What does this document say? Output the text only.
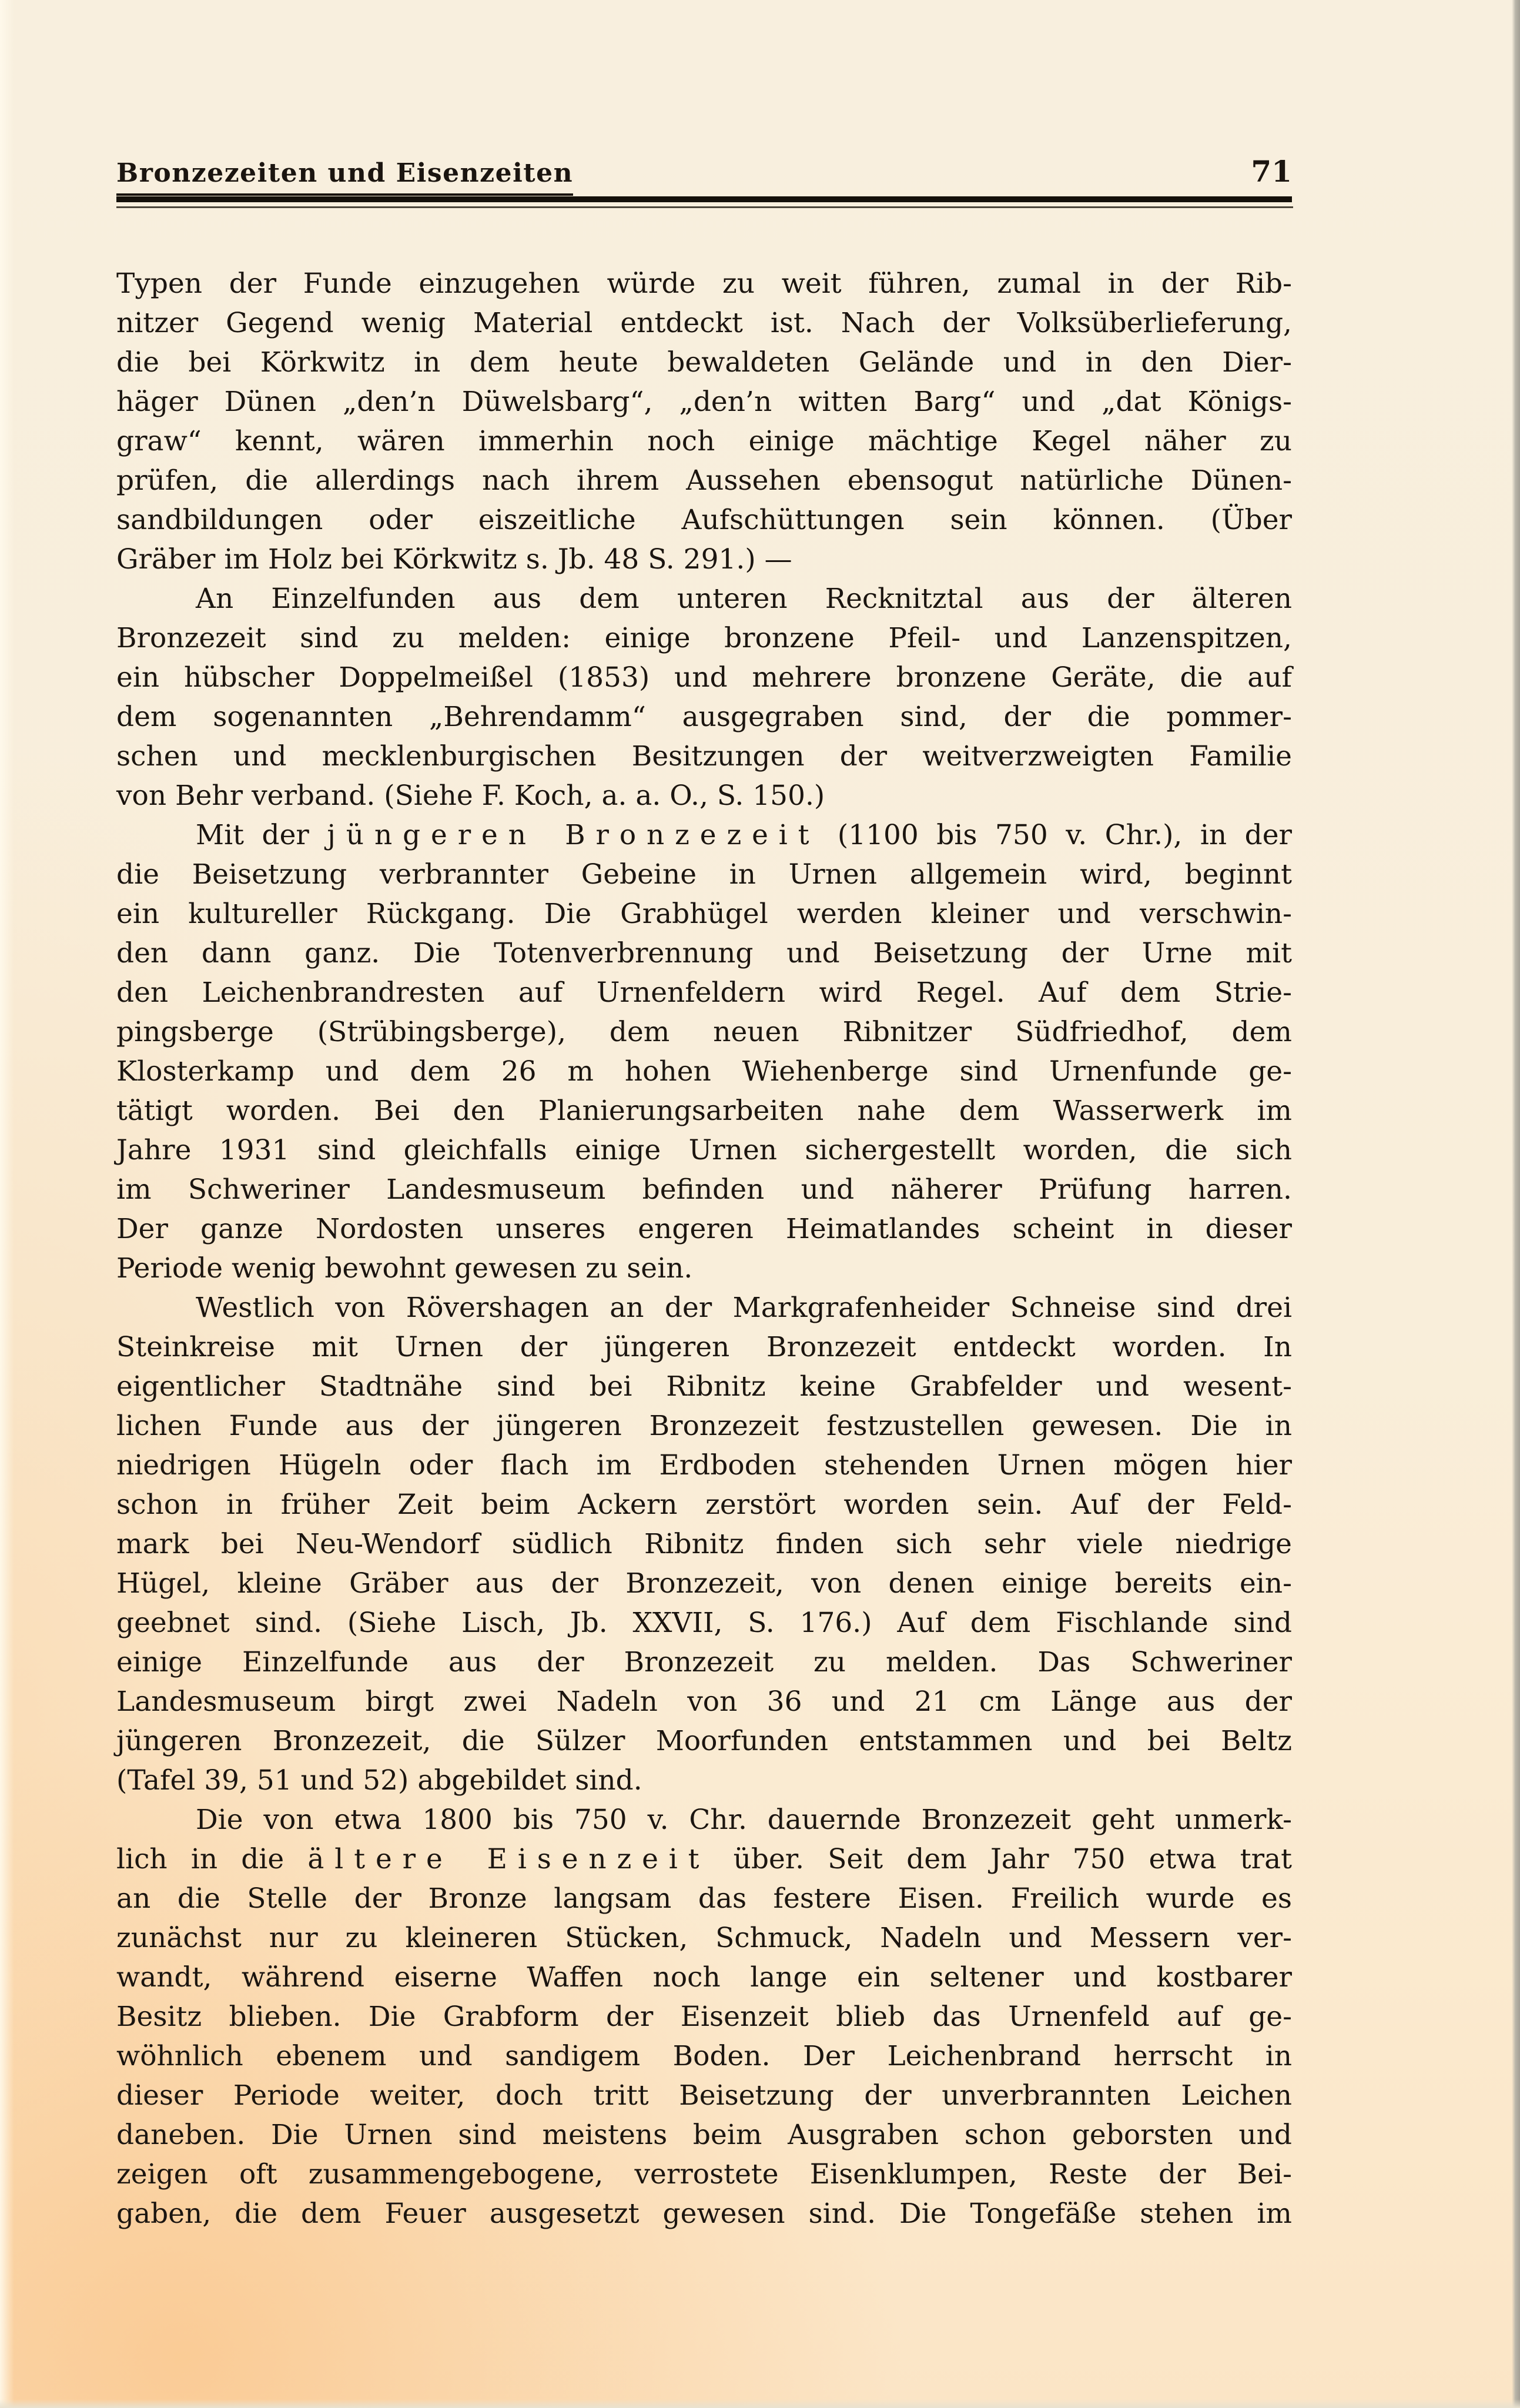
Bronzezeiten und Eisenzeiten	71
Typen der Funde einzugehen würde zu weit führen, zumal in der Rib-
nitzer Gegend wenig Material entdeckt ist. Nach der Volksüberlieferung,
die bei Körkwitz in dem heute bewaldeten Gelände und in den Dier-
häger Dünen „den’n Düwelsbarg“, „den’n witten Barg“ und „dat Königs-
graw“ kennt, wären immerhin noch einige mächtige Kegel näher zu
prüfen, die allerdings nach ihrem Aussehen ebensogut natürliche Dünen-
sandbildungen oder eiszeitliche Aufschüttungen sein können. (Über
Gräber im Holz bei Körkwitz s. Jb. 48 S. 291.) —
An Einzelfunden aus dem unteren Recknitztal aus der älteren
Bronzezeit sind zu melden: einige bronzene Pfeil- und Lanzenspitzen,
ein hübscher Doppelmeißel (1853) und mehrere bronzene Geräte, die auf
dem sogenannten „Behrendamm“ ausgegraben sind, der die pommer-
schen und mecklenburgischen Besitzungen der weitverzweigten Familie
von Behr verband. (Siehe F. Koch, a. a. O., S. 150.)
Mit der jüngeren Bronzezeit (1100 bis 750 v. Chr.), in der
die Beisetzung verbrannter Gebeine in Urnen allgemein wird, beginnt
ein kultureller Rückgang. Die Grabhügel werden kleiner und verschwin-
den dann ganz. Die Totenverbrennung und Beisetzung der Urne mit
den Leichenbrandresten auf Urnenfeldern wird Regel. Auf dem Strie-
pingsberge (Strübingsberge), dem neuen Ribnitzer Südfriedhof, dem
Klosterkamp und dem 26 m hohen Wiehenberge sind Urnenfunde ge-
tätigt worden. Bei den Planierungsarbeiten nahe dem Wasserwerk im
Jahre 1931 sind gleichfalls einige Urnen sichergestellt worden, die sich
im Schweriner Landesmuseum befinden und näherer Prüfung harren.
Der ganze Nordosten unseres engeren Heimatlandes scheint in dieser
Periode wenig bewohnt gewesen zu sein.
Westlich von Rövershagen an der Markgrafenheider Schneise sind drei
Steinkreise mit Urnen der jüngeren Bronzezeit entdeckt worden. In
eigentlicher Stadtnähe sind bei Ribnitz keine Grabfelder und wesent-
lichen Funde aus der jüngeren Bronzezeit festzustellen gewesen. Die in
niedrigen Hügeln oder flach im Erdboden stehenden Urnen mögen hier
schon in früher Zeit beim Ackern zerstört worden sein. Auf der Feld-
mark bei Neu-Wendorf südlich Ribnitz finden sich sehr viele niedrige
Hügel, kleine Gräber aus der Bronzezeit, von denen einige bereits ein-
geebnet sind. (Siehe Lisch, Jb. XXVII, S. 176.) Auf dem Fischlande sind
einige Einzelfunde aus der Bronzezeit zu melden. Das Schweriner
Landesmuseum birgt zwei Nadeln von 36 und 21 cm Länge aus der
jüngeren Bronzezeit, die Sülzer Moorfunden entstammen und bei Beltz
(Tafel 39, 51 und 52) abgebildet sind.
Die von etwa 1800 bis 750 v. Chr. dauernde Bronzezeit geht unmerk-
lich in die ältere Eisenzeit über. Seit dem Jahr 750 etwa trat
an die Stelle der Bronze langsam das festere Eisen. Freilich wurde es
zunächst nur zu kleineren Stücken, Schmuck, Nadeln und Messern ver-
wandt, während eiserne Waffen noch lange ein seltener und kostbarer
Besitz blieben. Die Grabform der Eisenzeit blieb das Urnenfeld auf ge-
wöhnlich ebenem und sandigem Boden. Der Leichenbrand herrscht in
dieser Periode weiter, doch tritt Beisetzung der unverbrannten Leichen
daneben. Die Urnen sind meistens beim Ausgraben schon geborsten und
zeigen oft zusammengebogene, verrostete Eisenklumpen, Reste der Bei-
gaben, die dem Feuer ausgesetzt gewesen sind. Die Tongefäße stehen im
